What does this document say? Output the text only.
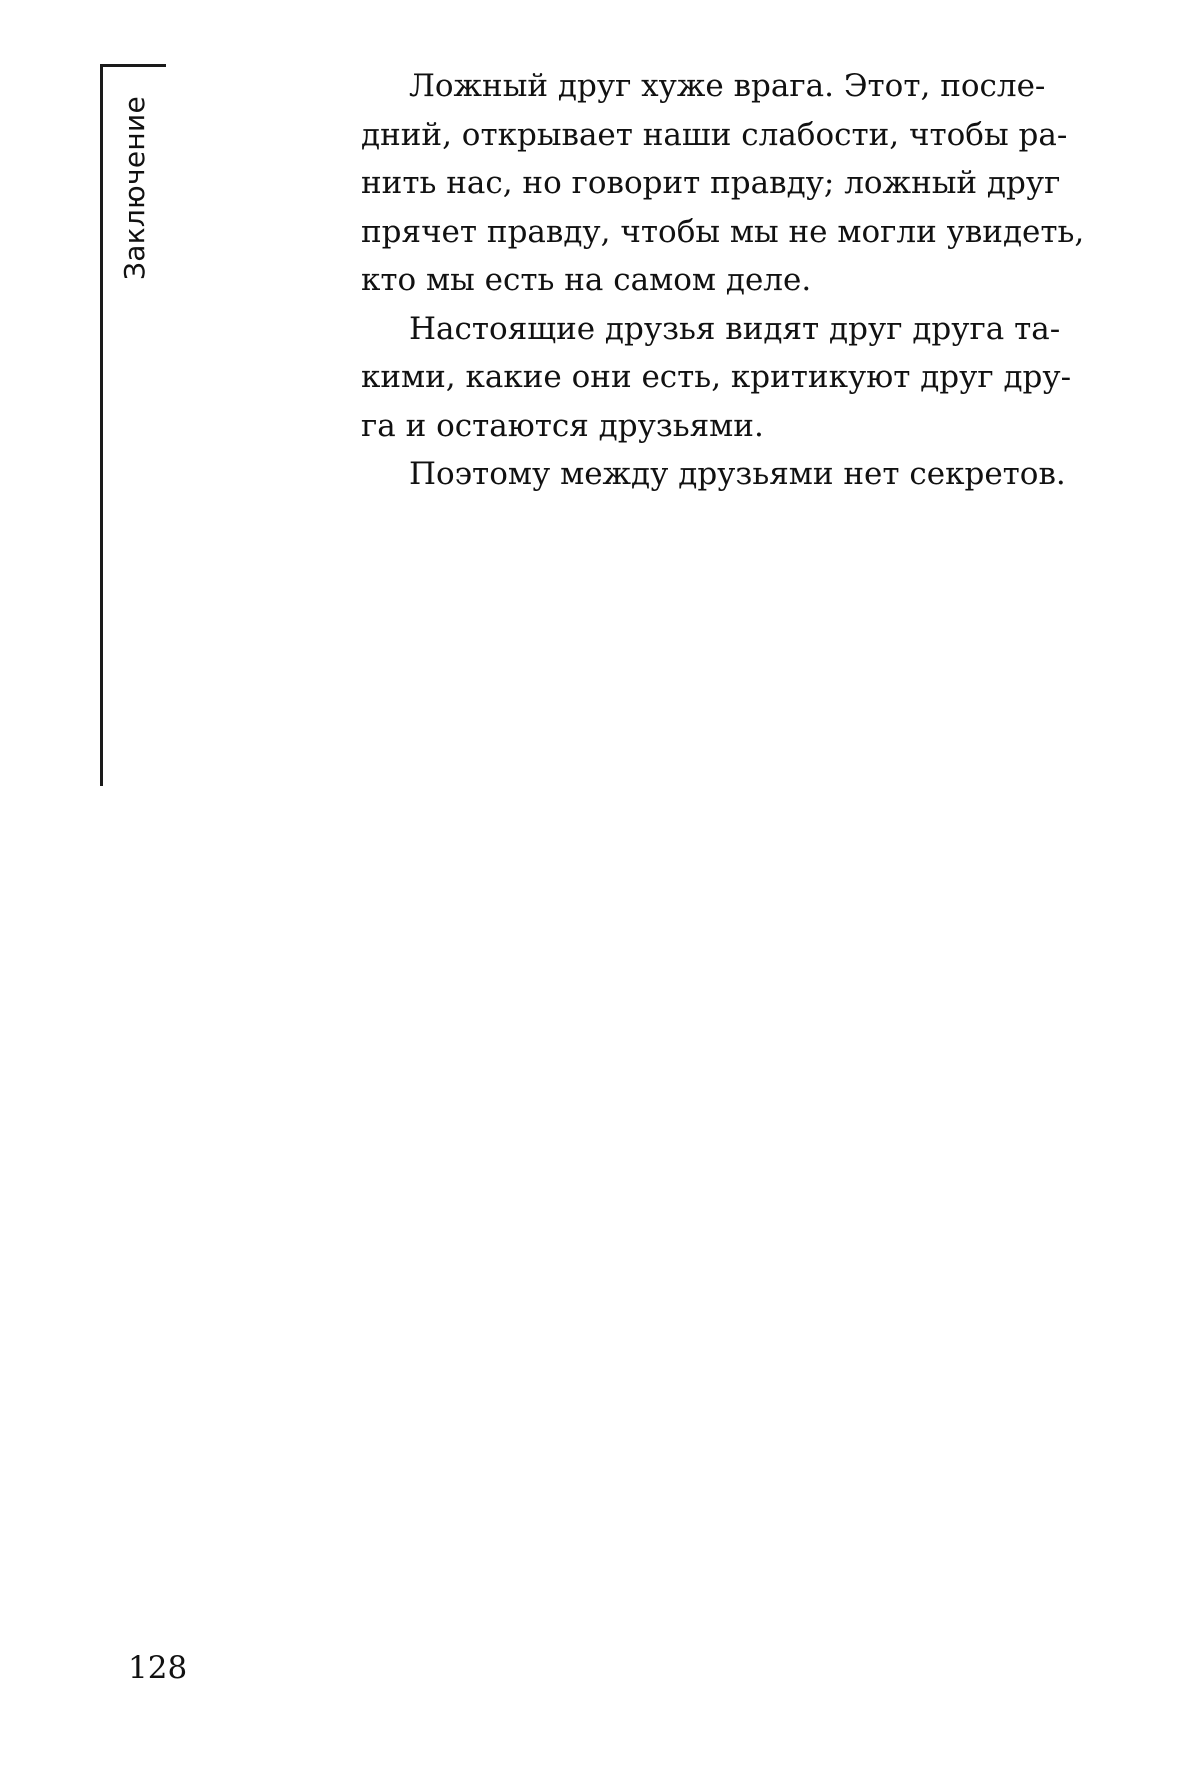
Заключение

Ложный друг хуже врага. Этот, после-
дний, открывает наши слабости, чтобы ра-
нить нас, но говорит правду; ложный друг
прячет правду, чтобы мы не могли увидеть,
кто мы есть на самом деле.

Настоящие друзья видят друг друга та-
кими, какие они есть, критикуют друг дру-
га и остаются друзьями.

Поэтому между друзьями нет секретов.

128
